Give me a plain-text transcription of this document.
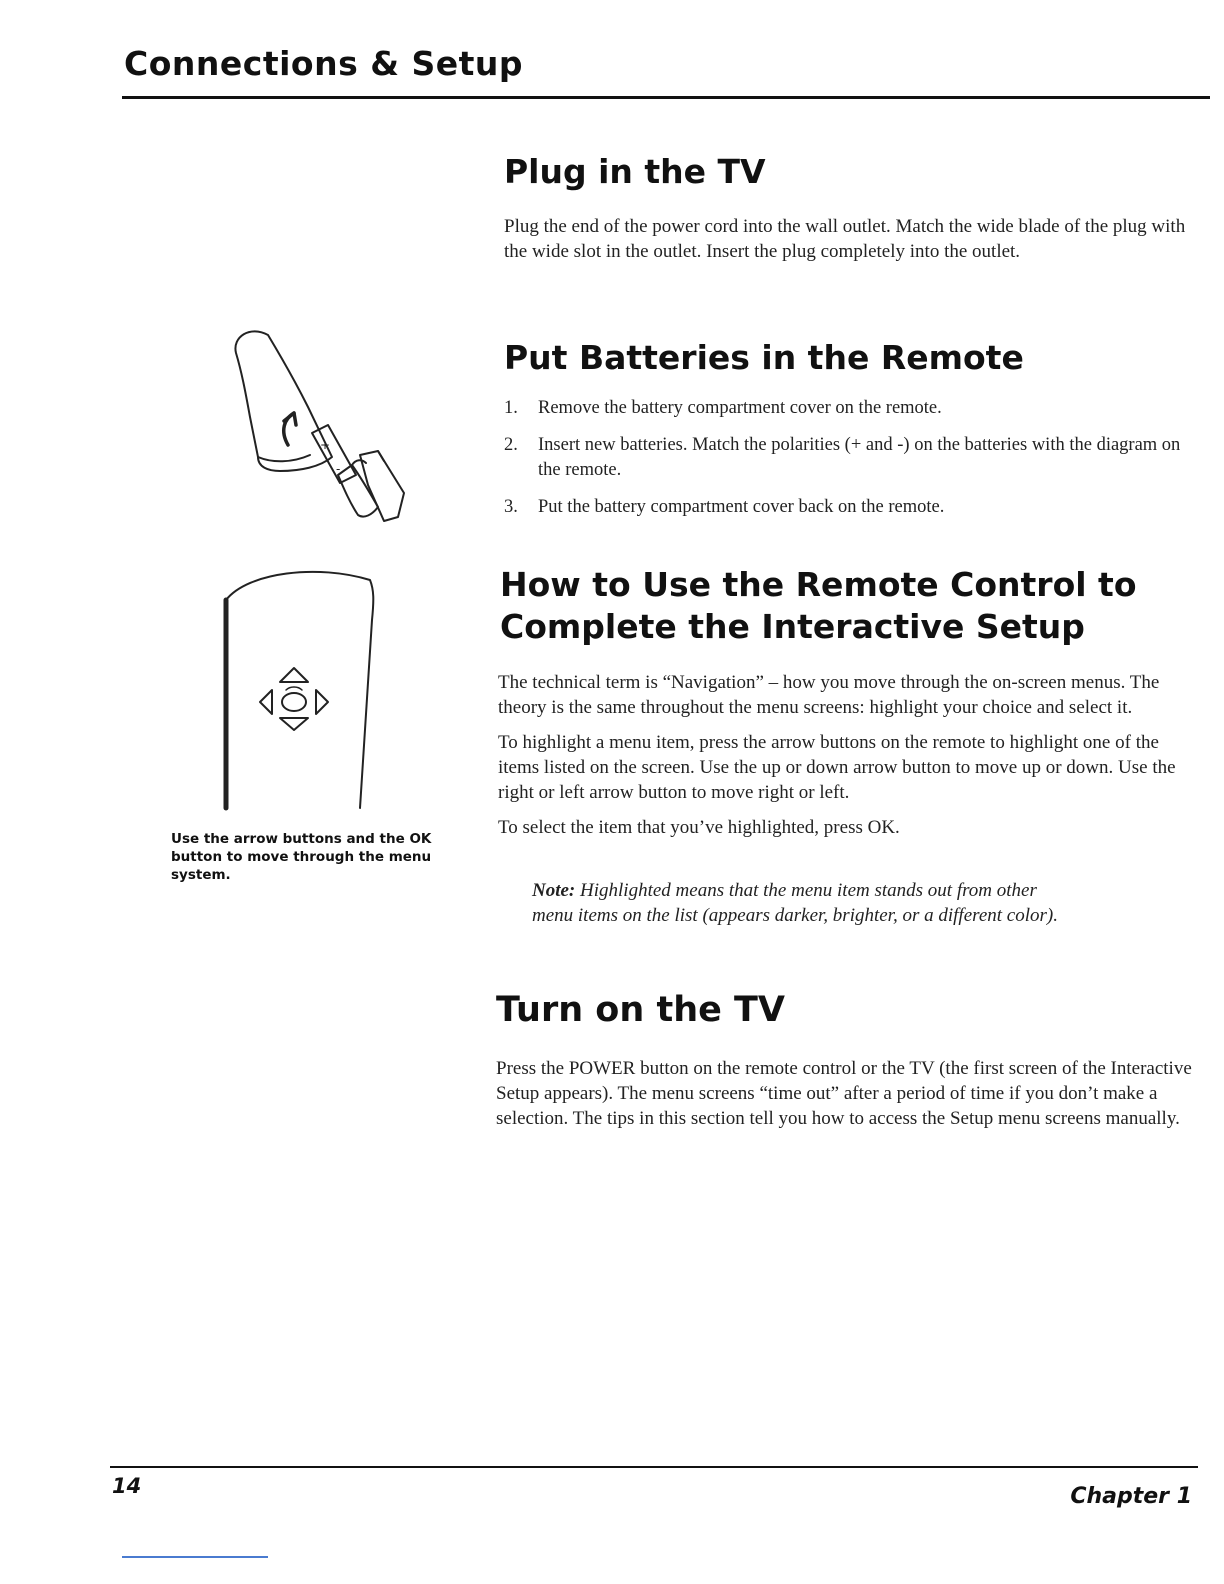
Connections & Setup
+
-

Use the arrow buttons and the OK button to move through the menu system.

Plug in the TV

Plug the end of the power cord into the wall outlet. Match the wide blade of the plug with the wide slot in the outlet. Insert the plug completely into the outlet.

Put Batteries in the Remote
1. Remove the battery compartment cover on the remote.
2. Insert new batteries. Match the polarities (+ and -) on the batteries with the diagram on the remote.
3. Put the battery compartment cover back on the remote.
How to Use the Remote Control to
Complete the Interactive Setup

The technical term is “Navigation” – how you move through the on-screen menus. The theory is the same throughout the menu screens: highlight your choice and select it.

To highlight a menu item, press the arrow buttons on the remote to highlight one of the items listed on the screen. Use the up or down arrow button to move up or down. Use the right or left arrow button to move right or left.

To select the item that you’ve highlighted, press OK.

Note: Highlighted means that the menu item stands out from other menu items on the list (appears darker, brighter, or a different color).

Turn on the TV

Press the POWER button on the remote control or the TV (the first screen of the Interactive Setup appears). The menu screens “time out” after a period of time if you don’t make a selection. The tips in this section tell you how to access the Setup menu screens manually.

14	Chapter 1
